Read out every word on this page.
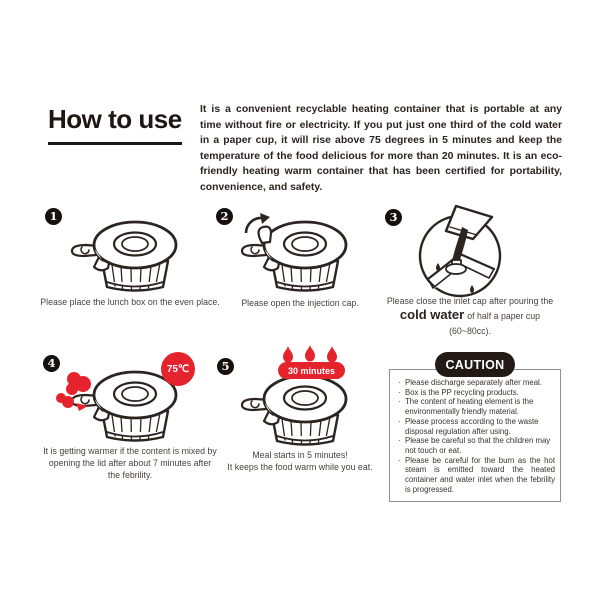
How to use It is a convenient recyclable heating container that is portable at any time without fire or electricity. If you put just one third of the cold water in a paper cup, it will rise above 75 degrees in 5 minutes and keep the temperature of the food delicious for more than 20 minutes. It is an eco-friendly heating warm container that has been certified for portability, convenience, and safety.

1
Please place the lunch box on the even place.
2
Please open the injection cap.
3
Please close the inlet cap after pouring the
cold water of half a paper cup (60~80cc).
4	75℃
It is getting warmer if the content is mixed by
opening the lid after about 7 minutes after
the febrility.
5	30 minutes
Meal starts in 5 minutes!
It keeps the food warm while you eat.
CAUTION
· Please discharge separately after meal.
· Box is the PP recycling products.
· The content of heating element is the environmentally friendly material.
· Please process according to the waste disposal regulation after using.
· Please be careful so that the children may not touch or eat.
· Please be careful for the burn as the hot steam is emitted toward the heated container and water inlet when the febrility is progressed.
